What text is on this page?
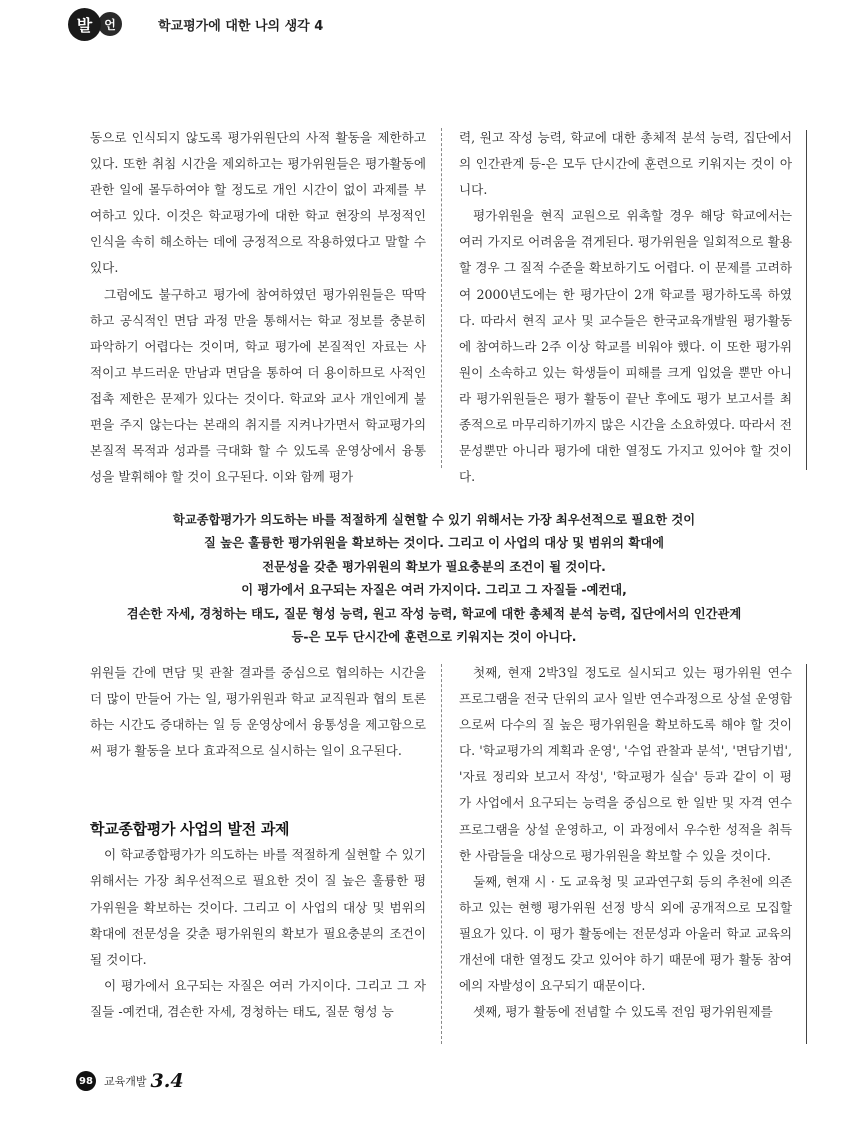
발 언	학교평가에 대한 나의 생각 4

동으로 인식되지 않도록 평가위원단의 사적 활동을 제한하고 있다. 또한 취침 시간을 제외하고는 평가위원들은 평가활동에 관한 일에 몰두하여야 할 정도로 개인 시간이 없이 과제를 부여하고 있다. 이것은 학교평가에 대한 학교 현장의 부정적인 인식을 속히 해소하는 데에 긍정적으로 작용하였다고 말할 수 있다.

그럼에도 불구하고 평가에 참여하였던 평가위원들은 딱딱하고 공식적인 면담 과정 만을 통해서는 학교 정보를 충분히 파악하기 어렵다는 것이며, 학교 평가에 본질적인 자료는 사적이고 부드러운 만남과 면담을 통하여 더 용이하므로 사적인 접촉 제한은 문제가 있다는 것이다. 학교와 교사 개인에게 불편을 주지 않는다는 본래의 취지를 지켜나가면서 학교평가의 본질적 목적과 성과를 극대화 할 수 있도록 운영상에서 융통성을 발휘해야 할 것이 요구된다. 이와 함께 평가

력, 원고 작성 능력, 학교에 대한 총체적 분석 능력, 집단에서의 인간관계 등-은 모두 단시간에 훈련으로 키워지는 것이 아니다.

평가위원을 현직 교원으로 위촉할 경우 해당 학교에서는 여러 가지로 어려움을 겪게된다. 평가위원을 일회적으로 활용할 경우 그 질적 수준을 확보하기도 어렵다. 이 문제를 고려하여 2000년도에는 한 평가단이 2개 학교를 평가하도록 하였다. 따라서 현직 교사 및 교수들은 한국교육개발원 평가활동에 참여하느라 2주 이상 학교를 비워야 했다. 이 또한 평가위원이 소속하고 있는 학생들이 피해를 크게 입었을 뿐만 아니라 평가위원들은 평가 활동이 끝난 후에도 평가 보고서를 최종적으로 마무리하기까지 많은 시간을 소요하였다. 따라서 전문성뿐만 아니라 평가에 대한 열정도 가지고 있어야 할 것이다.

학교종합평가가 의도하는 바를 적절하게 실현할 수 있기 위해서는 가장 최우선적으로 필요한 것이
질 높은 훌륭한 평가위원을 확보하는 것이다. 그리고 이 사업의 대상 및 범위의 확대에
전문성을 갖춘 평가위원의 확보가 필요충분의 조건이 될 것이다.
이 평가에서 요구되는 자질은 여러 가지이다. 그리고 그 자질들 -예컨대,
겸손한 자세, 경청하는 태도, 질문 형성 능력, 원고 작성 능력, 학교에 대한 총체적 분석 능력, 집단에서의 인간관계
등-은 모두 단시간에 훈련으로 키워지는 것이 아니다.

위원들 간에 면담 및 관찰 결과를 중심으로 협의하는 시간을 더 많이 만들어 가는 일, 평가위원과 학교 교직원과 협의 토론하는 시간도 증대하는 일 등 운영상에서 융통성을 제고함으로써 평가 활동을 보다 효과적으로 실시하는 일이 요구된다.

학교종합평가 사업의 발전 과제

이 학교종합평가가 의도하는 바를 적절하게 실현할 수 있기 위해서는 가장 최우선적으로 필요한 것이 질 높은 훌륭한 평가위원을 확보하는 것이다. 그리고 이 사업의 대상 및 범위의 확대에 전문성을 갖춘 평가위원의 확보가 필요충분의 조건이 될 것이다.

이 평가에서 요구되는 자질은 여러 가지이다. 그리고 그 자질들 -예컨대, 겸손한 자세, 경청하는 태도, 질문 형성 능

첫째, 현재 2박3일 정도로 실시되고 있는 평가위원 연수 프로그램을 전국 단위의 교사 일반 연수과정으로 상설 운영함으로써 다수의 질 높은 평가위원을 확보하도록 해야 할 것이다. '학교평가의 계획과 운영', '수업 관찰과 분석', '면담기법', '자료 정리와 보고서 작성', '학교평가 실습' 등과 같이 이 평가 사업에서 요구되는 능력을 중심으로 한 일반 및 자격 연수프로그램을 상설 운영하고, 이 과정에서 우수한 성적을 취득한 사람들을 대상으로 평가위원을 확보할 수 있을 것이다.

둘째, 현재 시 · 도 교육청 및 교과연구회 등의 추천에 의존하고 있는 현행 평가위원 선정 방식 외에 공개적으로 모집할 필요가 있다. 이 평가 활동에는 전문성과 아울러 학교 교육의 개선에 대한 열정도 갖고 있어야 하기 때문에 평가 활동 참여에의 자발성이 요구되기 때문이다.

셋째, 평가 활동에 전념할 수 있도록 전임 평가위원제를

98 교육개발 3.4
